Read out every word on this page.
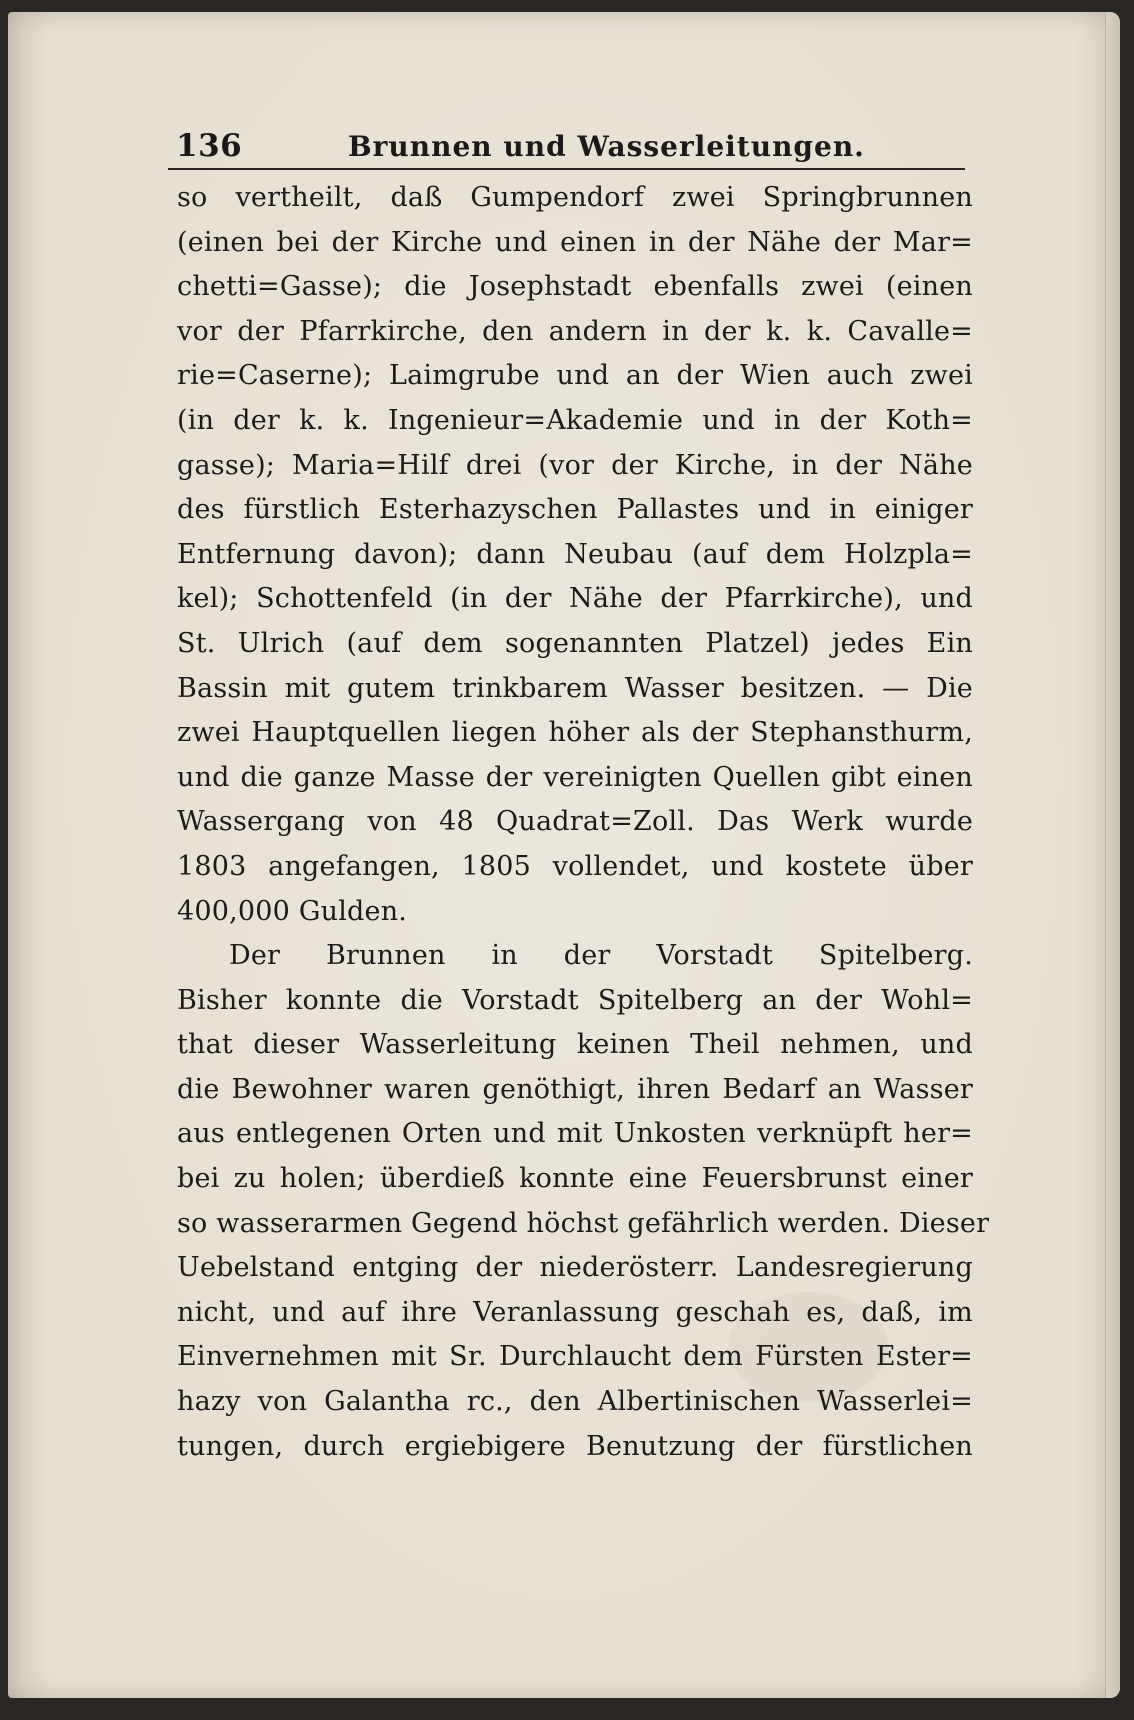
136	Brunnen und Wasserleitungen.
so vertheilt, daß Gumpendorf zwei Springbrunnen
(einen bei der Kirche und einen in der Nähe der Mar=
chetti=Gasse); die Josephstadt ebenfalls zwei (einen
vor der Pfarrkirche, den andern in der k. k. Cavalle=
rie=Caserne); Laimgrube und an der Wien auch zwei
(in der k. k. Ingenieur=Akademie und in der Koth=
gasse); Maria=Hilf drei (vor der Kirche, in der Nähe
des fürstlich Esterhazyschen Pallastes und in einiger
Entfernung davon); dann Neubau (auf dem Holzpla=
kel); Schottenfeld (in der Nähe der Pfarrkirche), und
St. Ulrich (auf dem sogenannten Platzel) jedes Ein
Bassin mit gutem trinkbarem Wasser besitzen. — Die
zwei Hauptquellen liegen höher als der Stephansthurm,
und die ganze Masse der vereinigten Quellen gibt einen
Wassergang von 48 Quadrat=Zoll. Das Werk wurde
1803 angefangen, 1805 vollendet, und kostete über
400,000 Gulden.
Der Brunnen in der Vorstadt Spitelberg.
Bisher konnte die Vorstadt Spitelberg an der Wohl=
that dieser Wasserleitung keinen Theil nehmen, und
die Bewohner waren genöthigt, ihren Bedarf an Wasser
aus entlegenen Orten und mit Unkosten verknüpft her=
bei zu holen; überdieß konnte eine Feuersbrunst einer
so wasserarmen Gegend höchst gefährlich werden. Dieser
Uebelstand entging der niederösterr. Landesregierung
nicht, und auf ihre Veranlassung geschah es, daß, im
Einvernehmen mit Sr. Durchlaucht dem Fürsten Ester=
hazy von Galantha rc., den Albertinischen Wasserlei=
tungen, durch ergiebigere Benutzung der fürstlichen
